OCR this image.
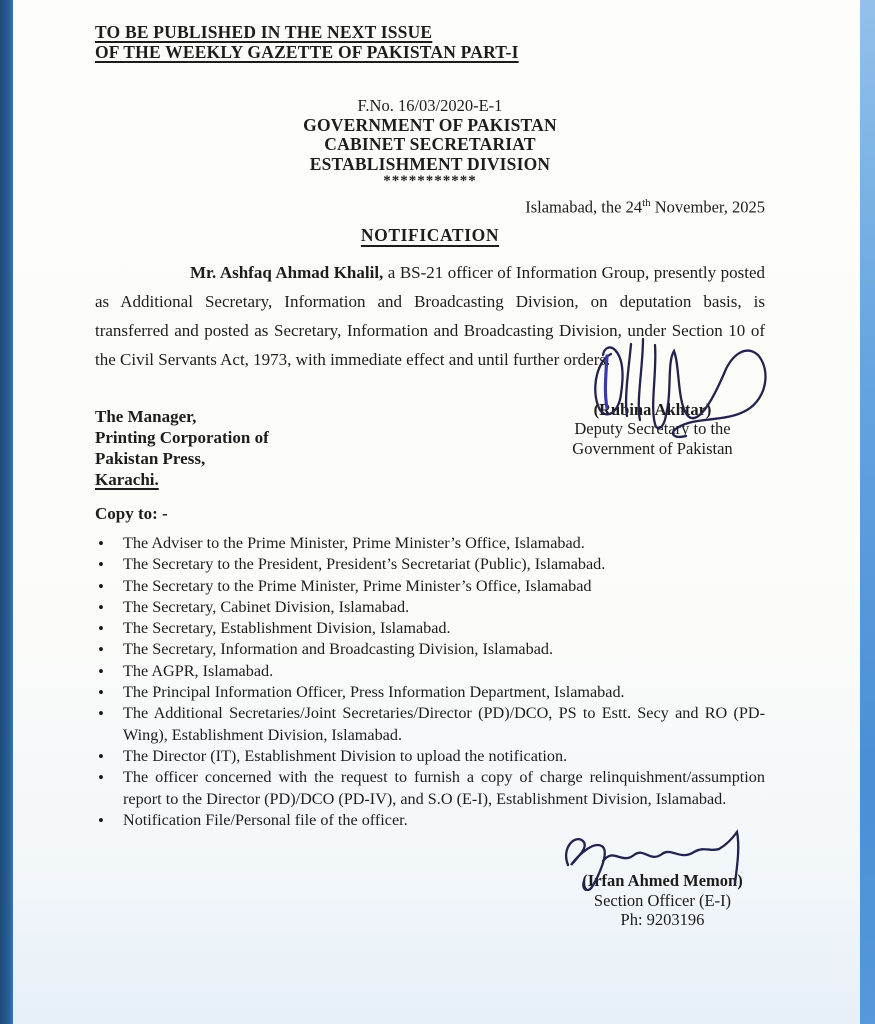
TO BE PUBLISHED IN THE NEXT ISSUE
OF THE WEEKLY GAZETTE OF PAKISTAN PART-I
F.No. 16/03/2020-E-1
GOVERNMENT OF PAKISTAN
CABINET SECRETARIAT
ESTABLISHMENT DIVISION
***********
Islamabad, the 24th November, 2025
NOTIFICATION

Mr. Ashfaq Ahmad Khalil, a BS-21 officer of Information Group, presently posted as Additional Secretary, Information and Broadcasting Division, on deputation basis, is transferred and posted as Secretary, Information and Broadcasting Division, under Section 10 of the Civil Servants Act, 1973, with immediate effect and until further orders.

(Rubina Akhtar)
Deputy Secretary to the
Government of Pakistan
The Manager,
Printing Corporation of
Pakistan Press,
Karachi.
Copy to: -
• The Adviser to the Prime Minister, Prime Minister’s Office, Islamabad.
• The Secretary to the President, President’s Secretariat (Public), Islamabad.
• The Secretary to the Prime Minister, Prime Minister’s Office, Islamabad
• The Secretary, Cabinet Division, Islamabad.
• The Secretary, Establishment Division, Islamabad.
• The Secretary, Information and Broadcasting Division, Islamabad.
• The AGPR, Islamabad.
• The Principal Information Officer, Press Information Department, Islamabad.
• The Additional Secretaries/Joint Secretaries/Director (PD)/DCO, PS to Estt. Secy and RO (PD-Wing), Establishment Division, Islamabad.
• The Director (IT), Establishment Division to upload the notification.
• The officer concerned with the request to furnish a copy of charge relinquishment/assumption report to the Director (PD)/DCO (PD-IV), and S.O (E-I), Establishment Division, Islamabad.
• Notification File/Personal file of the officer.
(Irfan Ahmed Memon)
Section Officer (E-I)
Ph: 9203196
